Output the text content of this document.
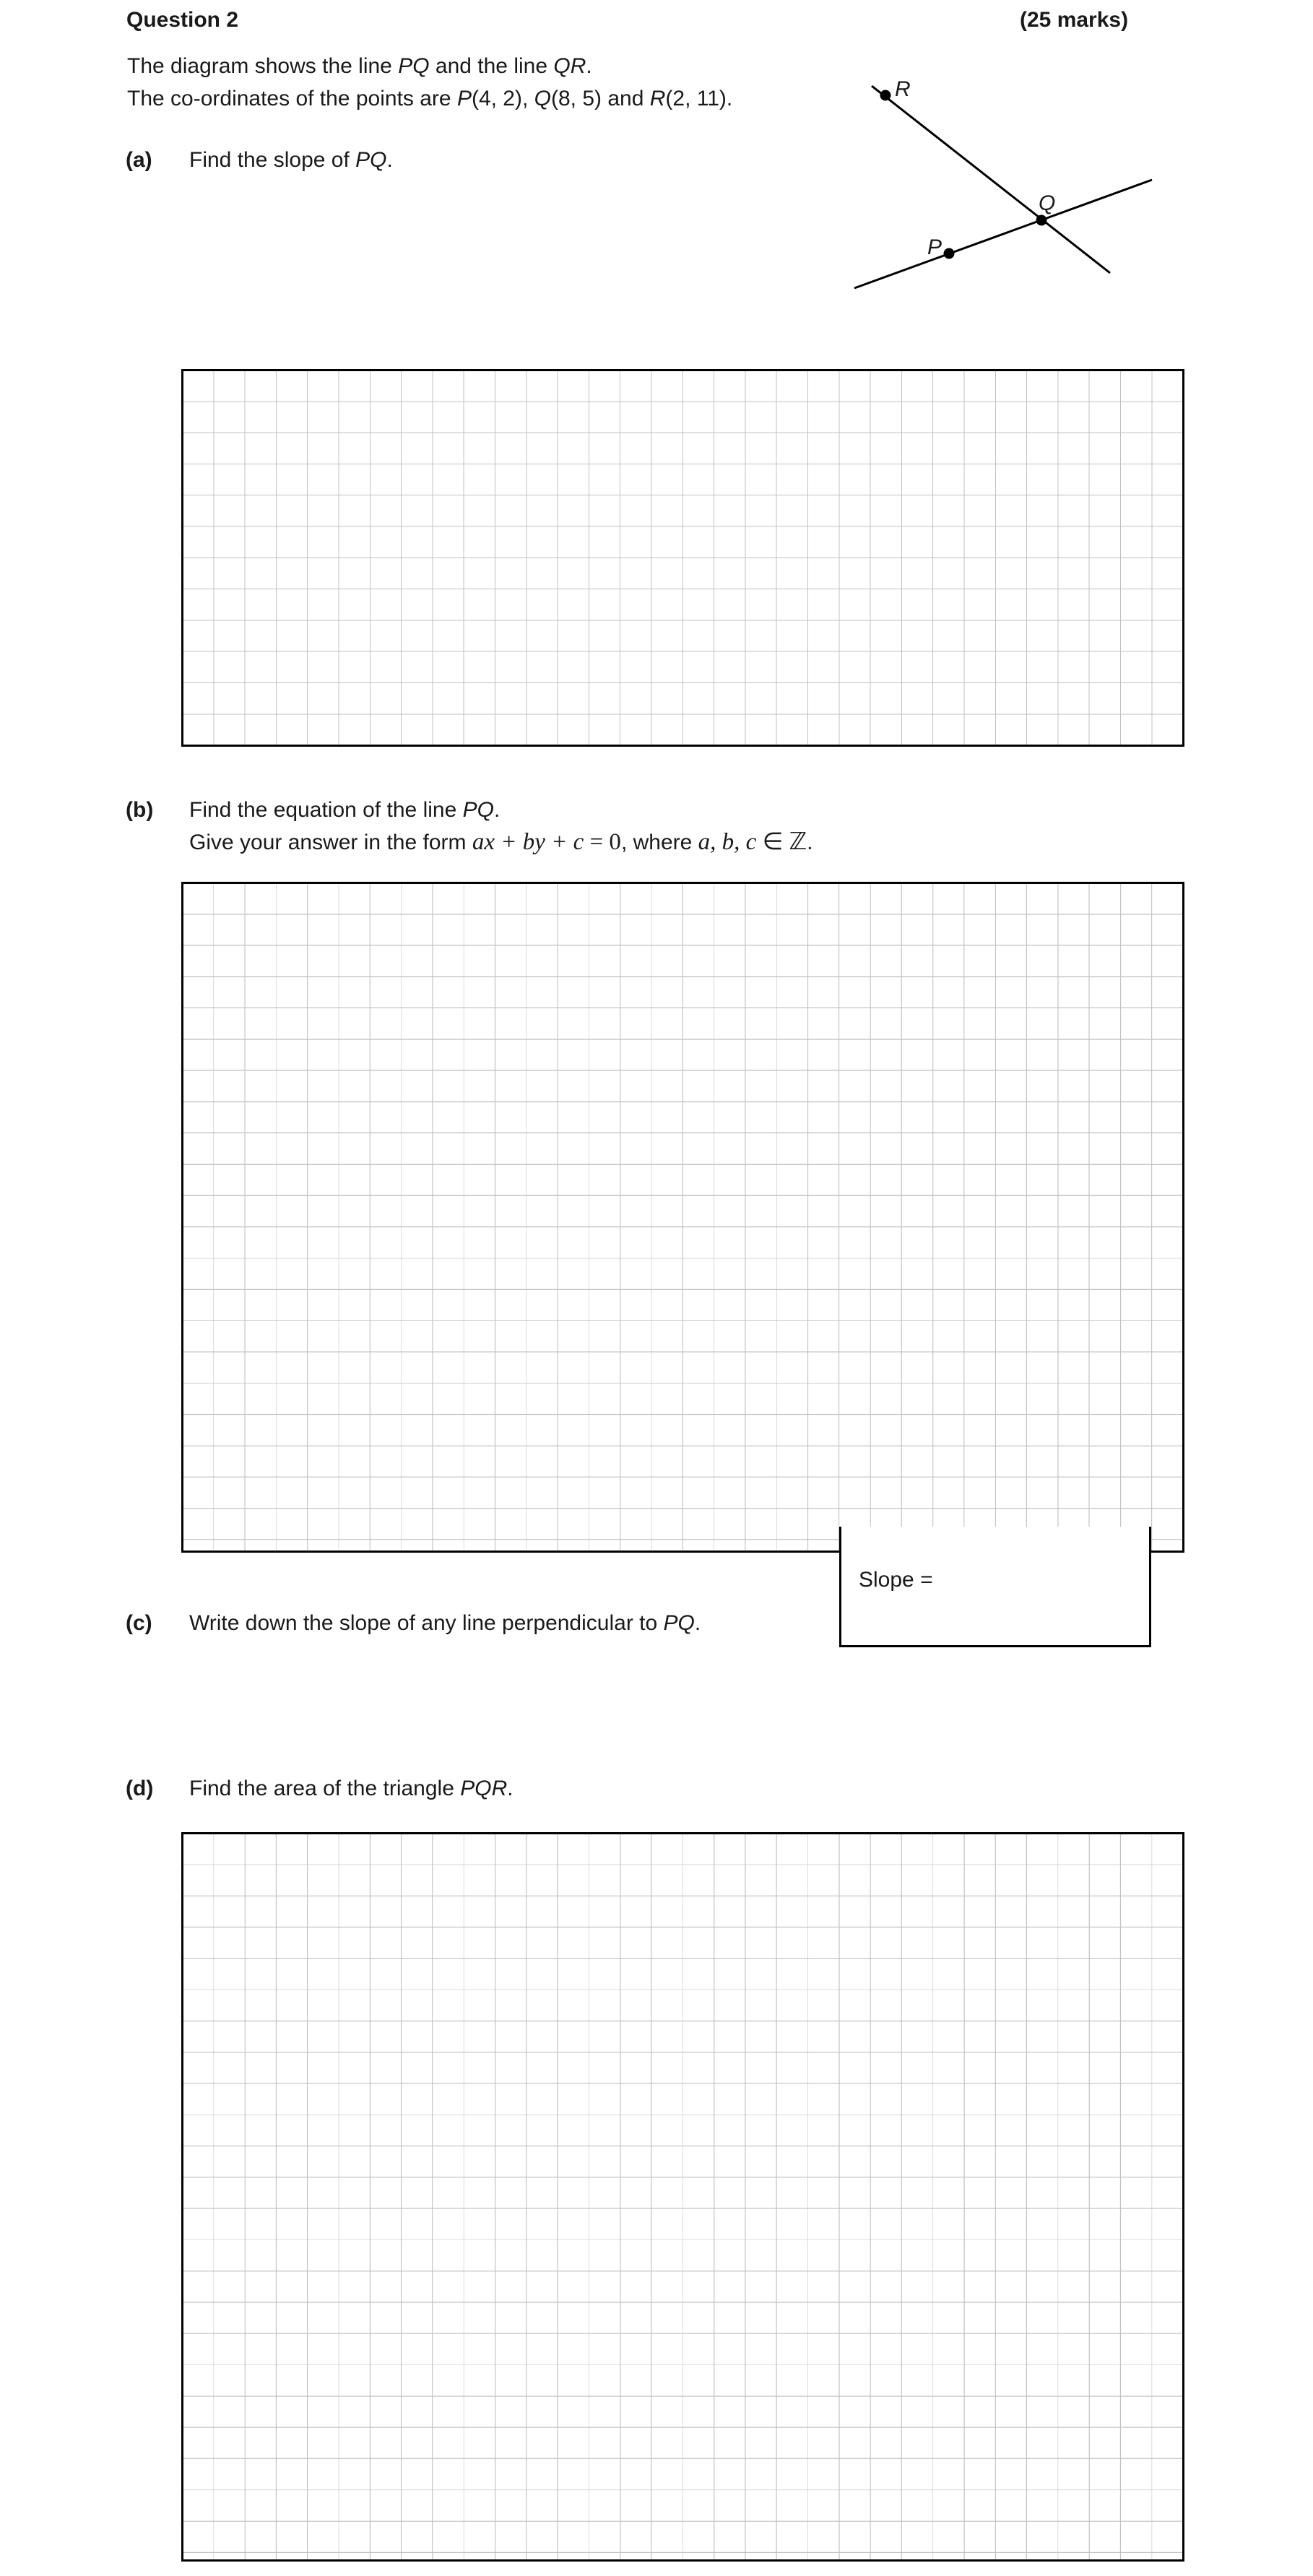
Question 2	(25 marks)
The diagram shows the line PQ and the line QR.
The co-ordinates of the points are P(4, 2), Q(8, 5) and R(2, 11).	R
Q
P
(a) Find the slope of PQ.
(b) Find the equation of the line PQ.
Give your answer in the form ax + by + c = 0, where a, b, c ∈ ℤ.
(c) Write down the slope of any line perpendicular to PQ.
Slope =
(d) Find the area of the triangle PQR.
